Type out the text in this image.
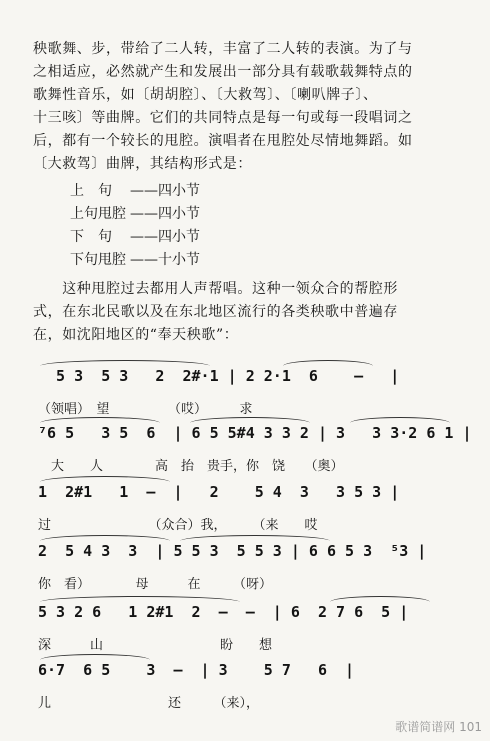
秧歌舞、步，带给了二人转，丰富了二人转的表演。为了与
之相适应，必然就产生和发展出一部分具有载歌载舞特点的
歌舞性音乐，如〔胡胡腔〕、〔大救驾〕、〔喇叭牌子〕、
十三咳〕等曲牌。它们的共同特点是每一句或每一段唱词之
后，都有一个较长的甩腔。演唱者在甩腔处尽情地舞蹈。如
〔大救驾〕曲牌，其结构形式是：
上　句	——四小节
上句甩腔 ——四小节
下　句	——四小节
下句甩腔 ——十小节
　　这种甩腔过去都用人声帮唱。这种一领众合的帮腔形
式，在东北民歌以及在东北地区流行的各类秧歌中普遍存
在，如沈阳地区的“奉天秧歌”：
5 3  5 3   2  2#·1 | 2 2·1  6    —   |
（领唱）　望　　　　　（哎）　　　求
⁷6 5   3 5  6  | 6 5 5#4 3 3 2 | 3   3 3·2 6 1 |
　大　　人　　　　高　抬　贵手，你　饶　　（奥）
1  2#1   1  —  |   2    5 4  3   3 5 3 |
过　　　　　　　　（众合）我，　　　（来　　哎
2  5 4 3  3  | 5 5 3  5 5 3 | 6 6 5 3  ⁵3 |
你　看）　　　　母　　　在　　　（呀）
5 3 2 6   1 2#1  2  —  —  | 6  2 7 6  5 |
深　　　山　　　　　　　　　盼　　想
6·7  6 5    3  —  | 3    5 7   6  |
儿　　　　　　　　　还　　　（来），
歌谱简谱网 101
